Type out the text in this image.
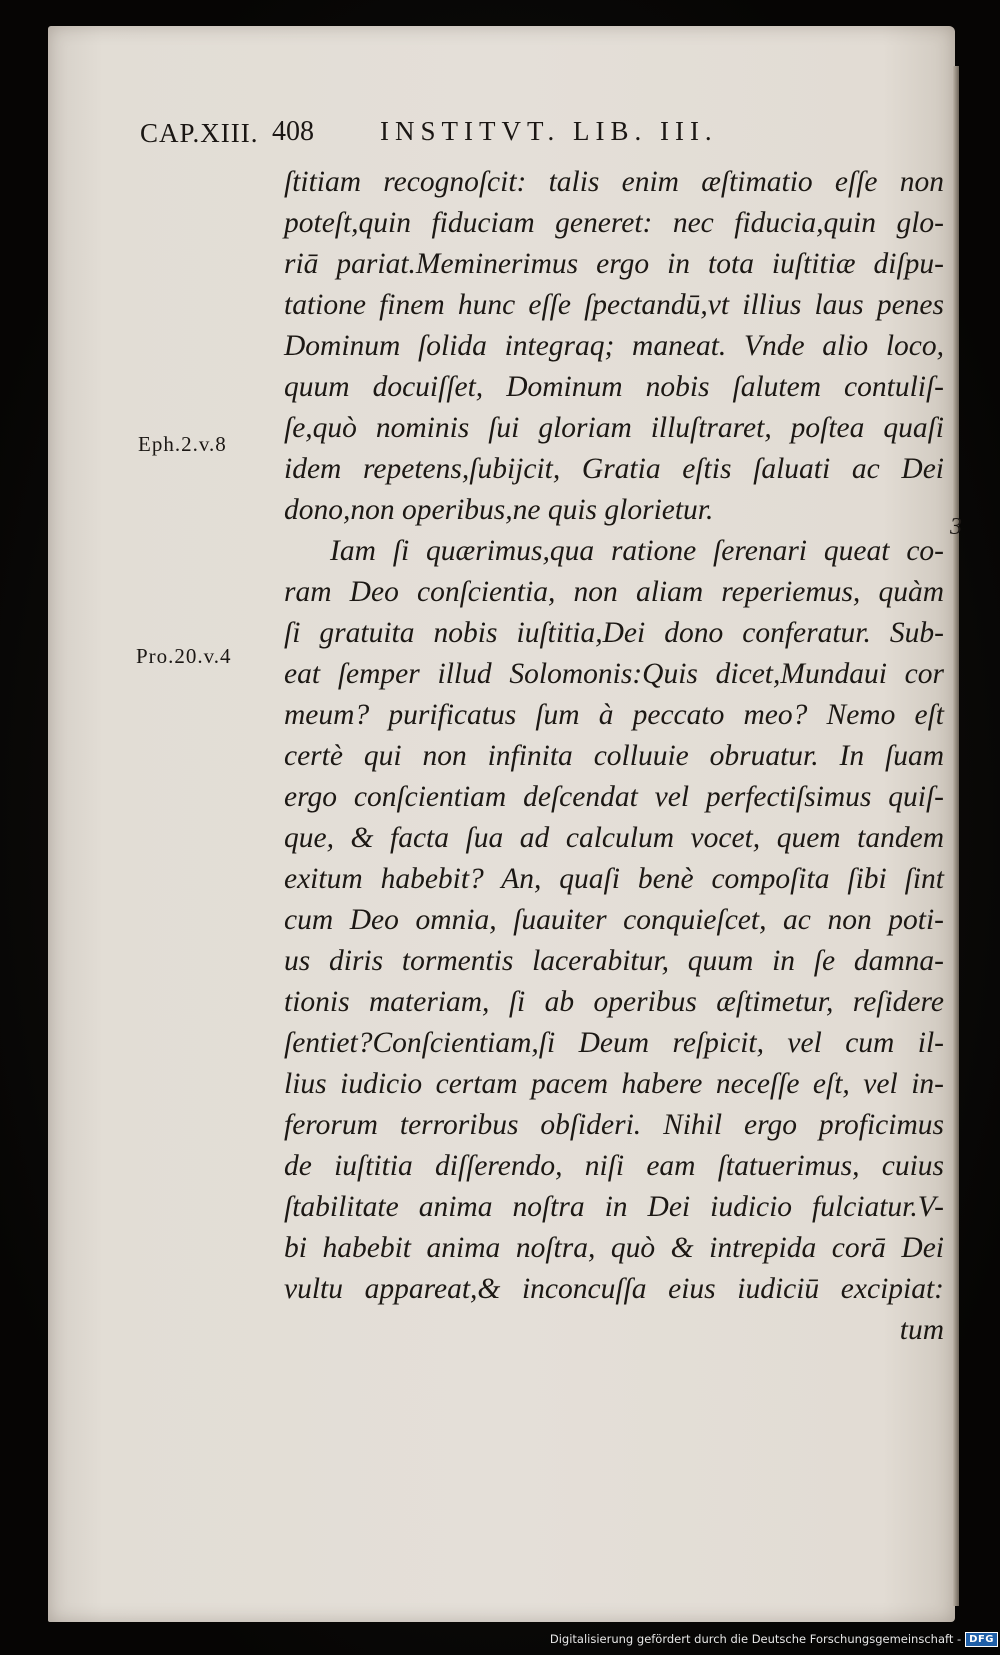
CAP.XIII. 408 INSTITVT. LIB. III.
Eph.2.v.8
Pro.20.v.4
3
ſtitiam recognoſcit: talis enim æſtimatio eſſe non
poteſt,quin fiduciam generet: nec fiducia,quin glo-
riā pariat.Meminerimus ergo in tota iuſtitiæ diſpu-
tatione finem hunc eſſe ſpectandū,vt illius laus penes
Dominum ſolida integraq; maneat. Vnde alio loco,
quum docuiſſet, Dominum nobis ſalutem contuliſ-
ſe,quò nominis ſui gloriam illuſtraret, poſtea quaſi
idem repetens,ſubijcit, Gratia eſtis ſaluati ac Dei
dono,non operibus,ne quis glorietur.
Iam ſi quærimus,qua ratione ſerenari queat co-
ram Deo conſcientia, non aliam reperiemus, quàm
ſi gratuita nobis iuſtitia,Dei dono conferatur. Sub-
eat ſemper illud Solomonis:Quis dicet,Mundaui cor
meum? purificatus ſum à peccato meo? Nemo eſt
certè qui non infinita colluuie obruatur. In ſuam
ergo conſcientiam deſcendat vel perfectiſsimus quiſ-
que, & facta ſua ad calculum vocet, quem tandem
exitum habebit? An, quaſi benè compoſita ſibi ſint
cum Deo omnia, ſuauiter conquieſcet, ac non poti-
us diris tormentis lacerabitur, quum in ſe damna-
tionis materiam, ſi ab operibus æſtimetur, reſidere
ſentiet?Conſcientiam,ſi Deum reſpicit, vel cum il-
lius iudicio certam pacem habere neceſſe eſt, vel in-
ferorum terroribus obſideri. Nihil ergo proficimus
de iuſtitia diſſerendo, niſi eam ſtatuerimus, cuius
ſtabilitate anima noſtra in Dei iudicio fulciatur.V-
bi habebit anima noſtra, quò & intrepida corā Dei
vultu appareat,& inconcuſſa eius iudiciū excipiat:
tum
Digitalisierung gefördert durch die Deutsche Forschungsgemeinschaft - DFG
